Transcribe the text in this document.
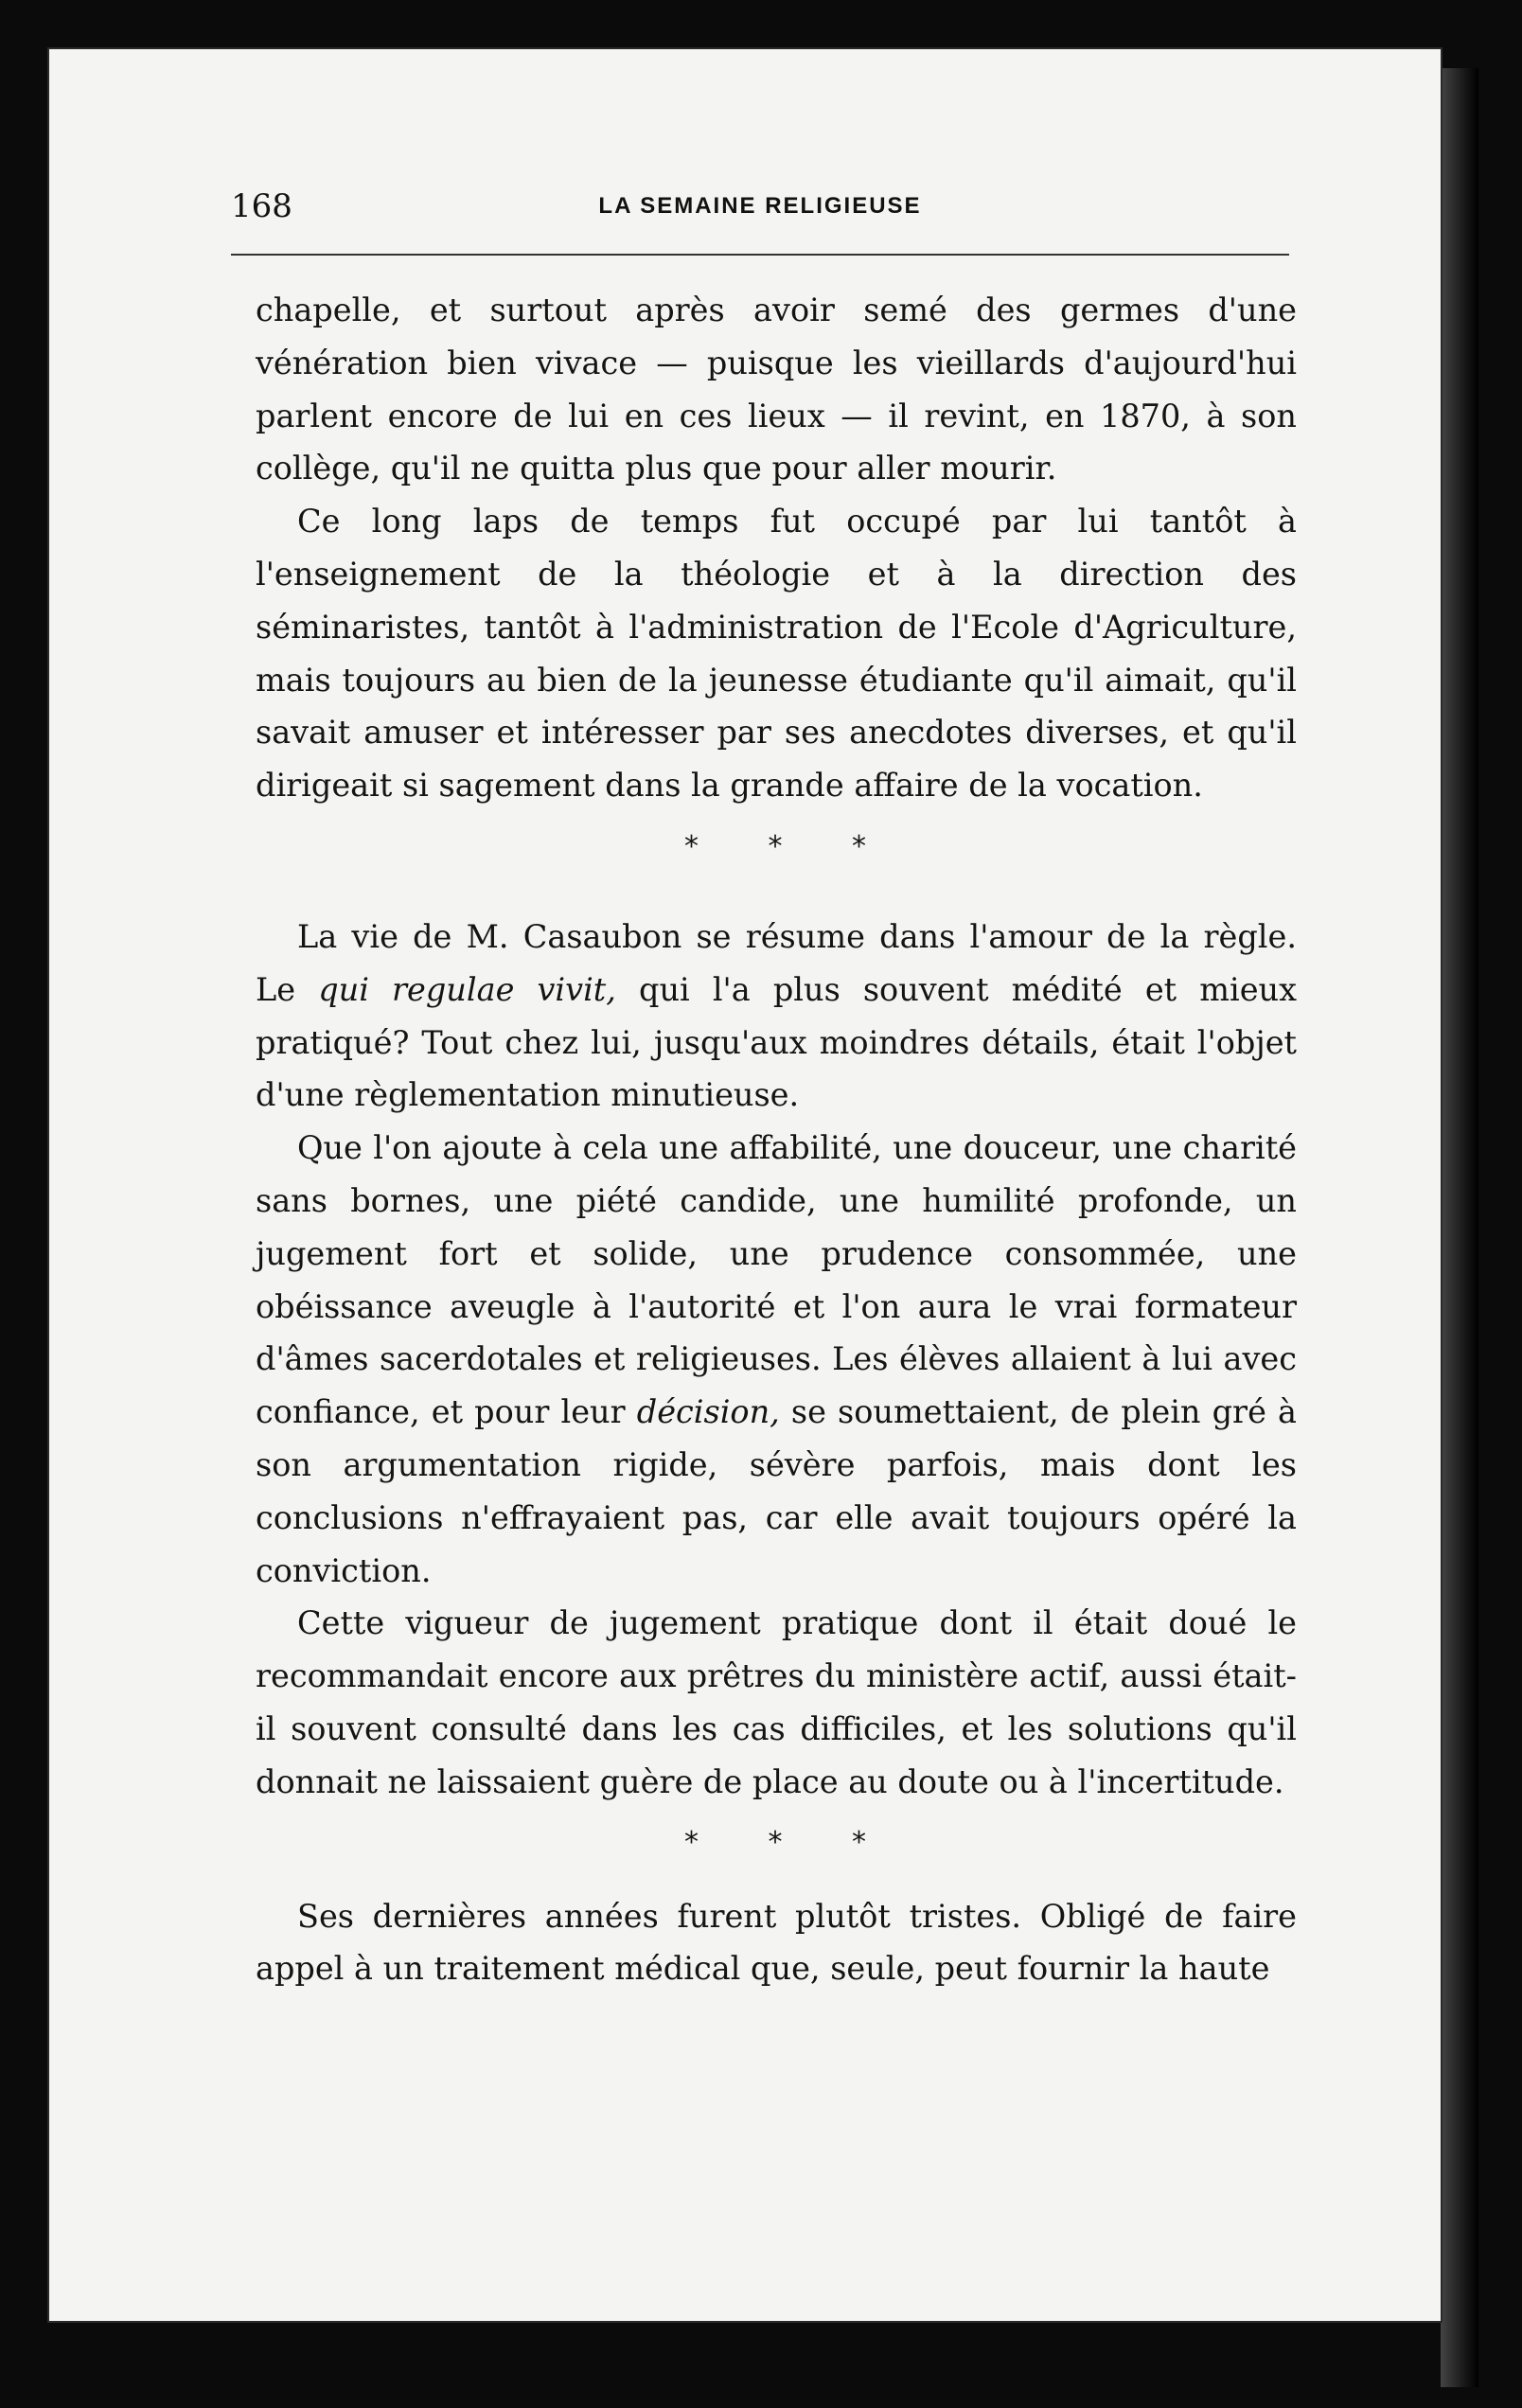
168	LA SEMAINE RELIGIEUSE

chapelle, et surtout après avoir semé des germes d'une vénération bien vivace — puisque les vieillards d'aujourd'hui parlent encore de lui en ces lieux — il revint, en 1870, à son collège, qu'il ne quitta plus que pour aller mourir.

Ce long laps de temps fut occupé par lui tantôt à l'enseignement de la théologie et à la direction des séminaristes, tantôt à l'administration de l'Ecole d'Agriculture, mais toujours au bien de la jeunesse étudiante qu'il aimait, qu'il savait amuser et intéresser par ses anecdotes diverses, et qu'il dirigeait si sagement dans la grande affaire de la vocation.

* * *

La vie de M. Casaubon se résume dans l'amour de la règle. Le qui regulae vivit, qui l'a plus souvent médité et mieux pratiqué? Tout chez lui, jusqu'aux moindres détails, était l'objet d'une règlementation minutieuse.

Que l'on ajoute à cela une affabilité, une douceur, une charité sans bornes, une piété candide, une humilité profonde, un jugement fort et solide, une prudence consommée, une obéissance aveugle à l'autorité et l'on aura le vrai formateur d'âmes sacerdotales et religieuses. Les élèves allaient à lui avec confiance, et pour leur décision, se soumettaient, de plein gré à son argumentation rigide, sévère parfois, mais dont les conclusions n'effrayaient pas, car elle avait toujours opéré la conviction.

Cette vigueur de jugement pratique dont il était doué le recommandait encore aux prêtres du ministère actif, aussi était-il souvent consulté dans les cas difficiles, et les solutions qu'il donnait ne laissaient guère de place au doute ou à l'incertitude.

* * *

Ses dernières années furent plutôt tristes. Obligé de faire appel à un traitement médical que, seule, peut fournir la haute
